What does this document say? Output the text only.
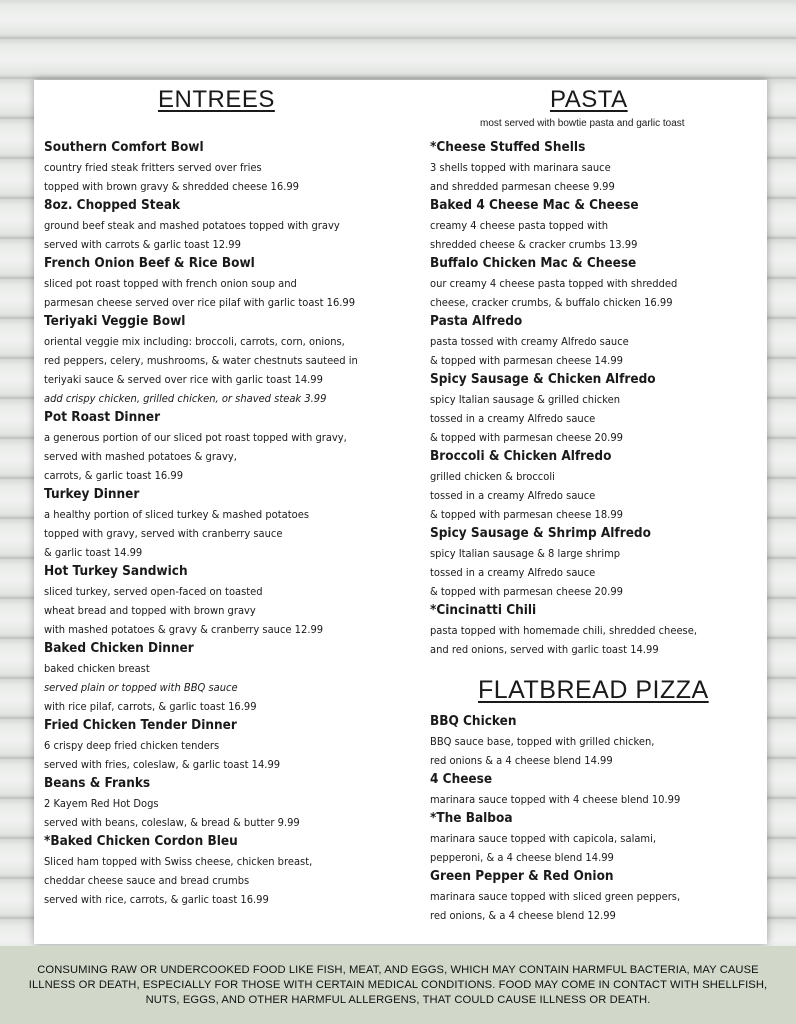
ENTREES
Southern Comfort Bowl
country fried steak fritters served over fries
topped with brown gravy & shredded cheese 16.99
8oz. Chopped Steak
ground beef steak and mashed potatoes topped with gravy
served with carrots & garlic toast 12.99
French Onion Beef & Rice Bowl
sliced pot roast topped with french onion soup and
parmesan cheese served over rice pilaf with garlic toast 16.99
Teriyaki Veggie Bowl
oriental veggie mix including: broccoli, carrots, corn, onions,
red peppers, celery, mushrooms, & water chestnuts sauteed in
teriyaki sauce & served over rice with garlic toast 14.99
add crispy chicken, grilled chicken, or shaved steak 3.99
Pot Roast Dinner
a generous portion of our sliced pot roast topped with gravy,
served with mashed potatoes & gravy,
carrots, & garlic toast 16.99
Turkey Dinner
a healthy portion of sliced turkey & mashed potatoes
topped with gravy, served with cranberry sauce
& garlic toast 14.99
Hot Turkey Sandwich
sliced turkey, served open-faced on toasted
wheat bread and topped with brown gravy
with mashed potatoes & gravy & cranberry sauce 12.99
Baked Chicken Dinner
baked chicken breast
served plain or topped with BBQ sauce
with rice pilaf, carrots, & garlic toast 16.99
Fried Chicken Tender Dinner
6 crispy deep fried chicken tenders
served with fries, coleslaw, & garlic toast 14.99
Beans & Franks
2 Kayem Red Hot Dogs
served with beans, coleslaw, & bread & butter 9.99
*Baked Chicken Cordon Bleu
Sliced ham topped with Swiss cheese, chicken breast,
cheddar cheese sauce and bread crumbs
served with rice, carrots, & garlic toast 16.99
PASTA
most served with bowtie pasta and garlic toast
*Cheese Stuffed Shells
3 shells topped with marinara sauce
and shredded parmesan cheese 9.99
Baked 4 Cheese Mac & Cheese
creamy 4 cheese pasta topped with
shredded cheese & cracker crumbs 13.99
Buffalo Chicken Mac & Cheese
our creamy 4 cheese pasta topped with shredded
cheese, cracker crumbs, & buffalo chicken 16.99
Pasta Alfredo
pasta tossed with creamy Alfredo sauce
& topped with parmesan cheese 14.99
Spicy Sausage & Chicken Alfredo
spicy Italian sausage & grilled chicken
tossed in a creamy Alfredo sauce
& topped with parmesan cheese 20.99
Broccoli & Chicken Alfredo
grilled chicken & broccoli
tossed in a creamy Alfredo sauce
& topped with parmesan cheese 18.99
Spicy Sausage & Shrimp Alfredo
spicy Italian sausage & 8 large shrimp
tossed in a creamy Alfredo sauce
& topped with parmesan cheese 20.99
*Cincinatti Chili
pasta topped with homemade chili, shredded cheese,
and red onions, served with garlic toast 14.99
FLATBREAD PIZZA
BBQ Chicken
BBQ sauce base, topped with grilled chicken,
red onions & a 4 cheese blend 14.99
4 Cheese
marinara sauce topped with 4 cheese blend 10.99
*The Balboa
marinara sauce topped with capicola, salami,
pepperoni, & a 4 cheese blend 14.99
Green Pepper & Red Onion
marinara sauce topped with sliced green peppers,
red onions, & a 4 cheese blend 12.99
CONSUMING RAW OR UNDERCOOKED FOOD LIKE FISH, MEAT, AND EGGS, WHICH MAY CONTAIN HARMFUL BACTERIA, MAY CAUSE ILLNESS OR DEATH, ESPECIALLY FOR THOSE WITH CERTAIN MEDICAL CONDITIONS. FOOD MAY COME IN CONTACT WITH SHELLFISH, NUTS, EGGS, AND OTHER HARMFUL ALLERGENS, THAT COULD CAUSE ILLNESS OR DEATH.
